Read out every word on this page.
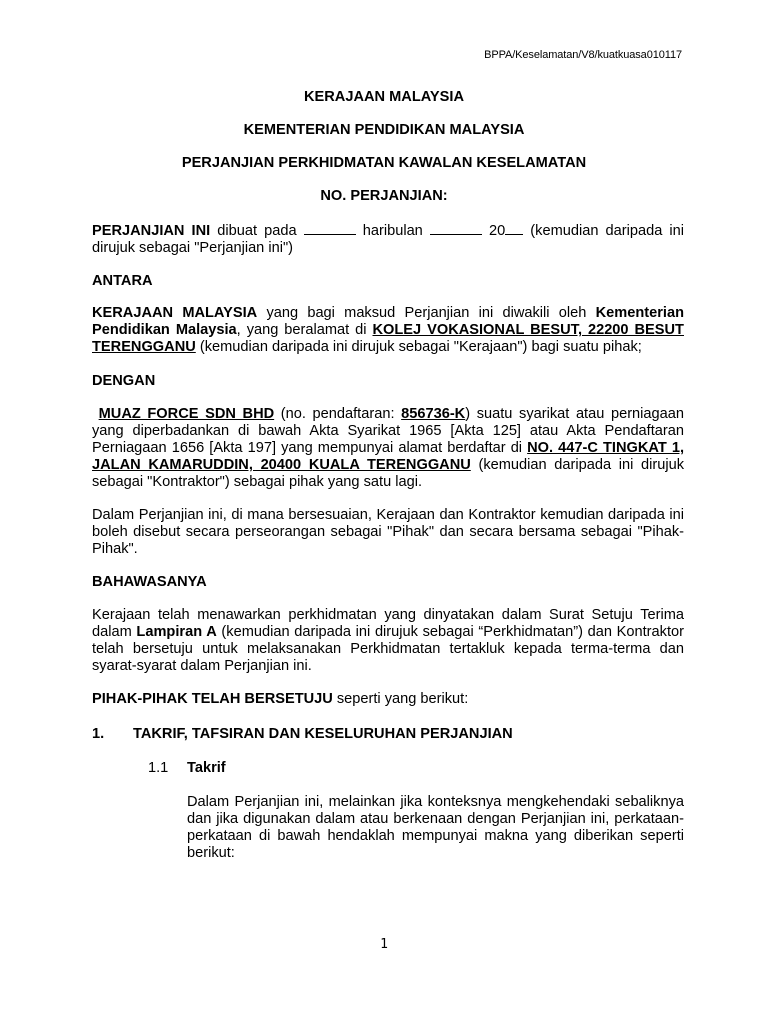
BPPA/Keselamatan/V8/kuatkuasa010117
KERAJAAN MALAYSIA
KEMENTERIAN PENDIDIKAN MALAYSIA
PERJANJIAN PERKHIDMATAN KAWALAN KESELAMATAN
NO. PERJANJIAN:
PERJANJIAN INI dibuat pada	haribulan	20 (kemudian daripada ini dirujuk sebagai "Perjanjian ini")
ANTARA
KERAJAAN MALAYSIA yang bagi maksud Perjanjian ini diwakili oleh Kementerian Pendidikan Malaysia, yang beralamat di KOLEJ VOKASIONAL BESUT, 22200 BESUT TERENGGANU (kemudian daripada ini dirujuk sebagai "Kerajaan") bagi suatu pihak;
DENGAN
MUAZ FORCE SDN BHD (no. pendaftaran: 856736-K) suatu syarikat atau perniagaan yang diperbadankan di bawah Akta Syarikat 1965 [Akta 125] atau Akta Pendaftaran Perniagaan 1656 [Akta 197] yang mempunyai alamat berdaftar di NO. 447-C TINGKAT 1, JALAN KAMARUDDIN, 20400 KUALA TERENGGANU (kemudian daripada ini dirujuk sebagai "Kontraktor") sebagai pihak yang satu lagi.
Dalam Perjanjian ini, di mana bersesuaian, Kerajaan dan Kontraktor kemudian daripada ini boleh disebut secara perseorangan sebagai "Pihak" dan secara bersama sebagai "Pihak-Pihak".
BAHAWASANYA
Kerajaan telah menawarkan perkhidmatan yang dinyatakan dalam Surat Setuju Terima dalam Lampiran A (kemudian daripada ini dirujuk sebagai “Perkhidmatan”) dan Kontraktor telah bersetuju untuk melaksanakan Perkhidmatan tertakluk kepada terma-terma dan syarat-syarat dalam Perjanjian ini.
PIHAK-PIHAK TELAH BERSETUJU seperti yang berikut:
1. TAKRIF, TAFSIRAN DAN KESELURUHAN PERJANJIAN
1.1 Takrif
Dalam Perjanjian ini, melainkan jika konteksnya mengkehendaki sebaliknya dan jika digunakan dalam atau berkenaan dengan Perjanjian ini, perkataan-perkataan di bawah hendaklah mempunyai makna yang diberikan seperti berikut:
1
